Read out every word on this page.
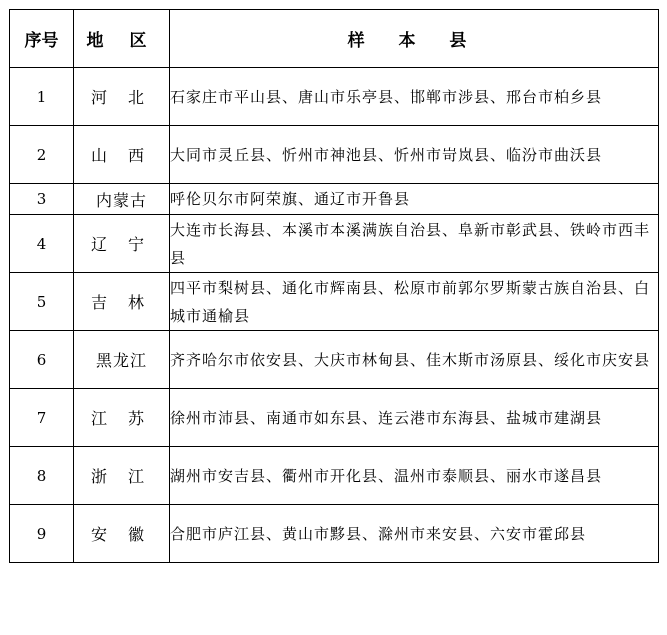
序号	地 区	样 本 县
1	河 北	石家庄市平山县、唐山市乐亭县、邯郸市涉县、邢台市柏乡县
2	山 西	大同市灵丘县、忻州市神池县、忻州市岢岚县、临汾市曲沃县
3	内蒙古	呼伦贝尔市阿荣旗、通辽市开鲁县
4	辽 宁	大连市长海县、本溪市本溪满族自治县、阜新市彰武县、铁岭市西丰县
5	吉 林	四平市梨树县、通化市辉南县、松原市前郭尔罗斯蒙古族自治县、白城市通榆县
6	黑龙江	齐齐哈尔市依安县、大庆市林甸县、佳木斯市汤原县、绥化市庆安县
7	江 苏	徐州市沛县、南通市如东县、连云港市东海县、盐城市建湖县
8	浙 江	湖州市安吉县、衢州市开化县、温州市泰顺县、丽水市遂昌县
9	安 徽	合肥市庐江县、黄山市黟县、滁州市来安县、六安市霍邱县
